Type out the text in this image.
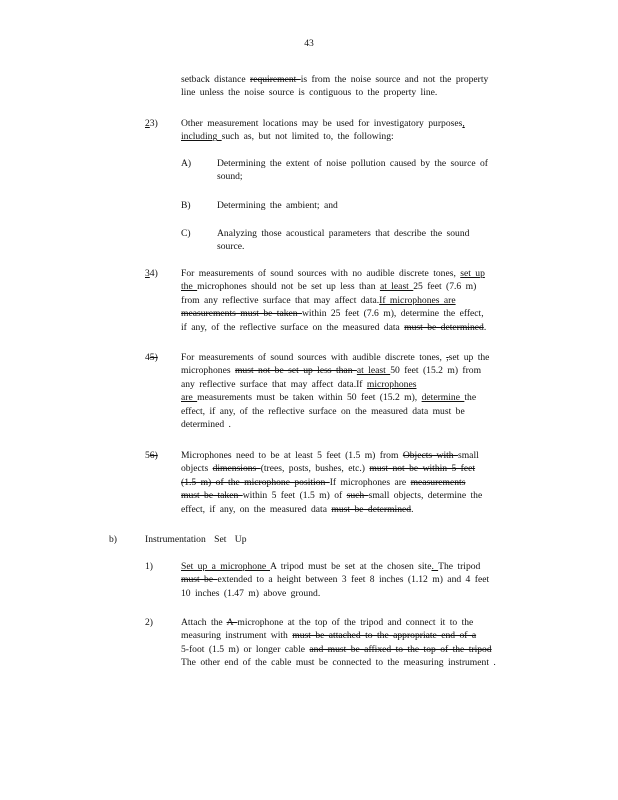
43
setback distance requirement is from the noise source and not the property
line unless the noise source is contiguous to the property line.
23) Other measurement locations may be used for investigatory purposes,
including such as, but not limited to, the following:
A)	Determining the extent of noise pollution caused by the source of
sound;
B)	Determining the ambient; and
C)	Analyzing those acoustical parameters that describe the sound
source.
34) For measurements of sound sources with no audible discrete tones, set up
the microphones should not be set up less than at least 25 feet (7.6 m)
from any reflective surface that may affect data.If microphones are
measurements must be taken within 25 feet (7.6 m), determine the effect,
if any, of the reflective surface on the measured data must be determined.
45) For measurements of sound sources with audible discrete tones, ,set up the
microphones must not be set up less than at least 50 feet (15.2 m) from
any reflective surface that may affect data.If microphones
are measurements must be taken within 50 feet (15.2 m), determine the
effect, if any, of the reflective surface on the measured data must be
determined .
56) Microphones need to be at least 5 feet (1.5 m) from Objects with small
objects dimensions (trees, posts, bushes, etc.) must not be within 5 feet
(1.5 m) of the microphone position If microphones are measurements
must be taken within 5 feet (1.5 m) of such small objects, determine the
effect, if any, on the measured data must be determined.
b)	Instrumentation Set Up
1)	Set up a microphone A tripod must be set at the chosen site. The tripod
must be extended to a height between 3 feet 8 inches (1.12 m) and 4 feet
10 inches (1.47 m) above ground.
2)	Attach the A microphone at the top of the tripod and connect it to the
measuring instrument with must be attached to the appropriate end of a
5-foot (1.5 m) or longer cable and must be affixed to the top of the tripod
The other end of the cable must be connected to the measuring instrument .
